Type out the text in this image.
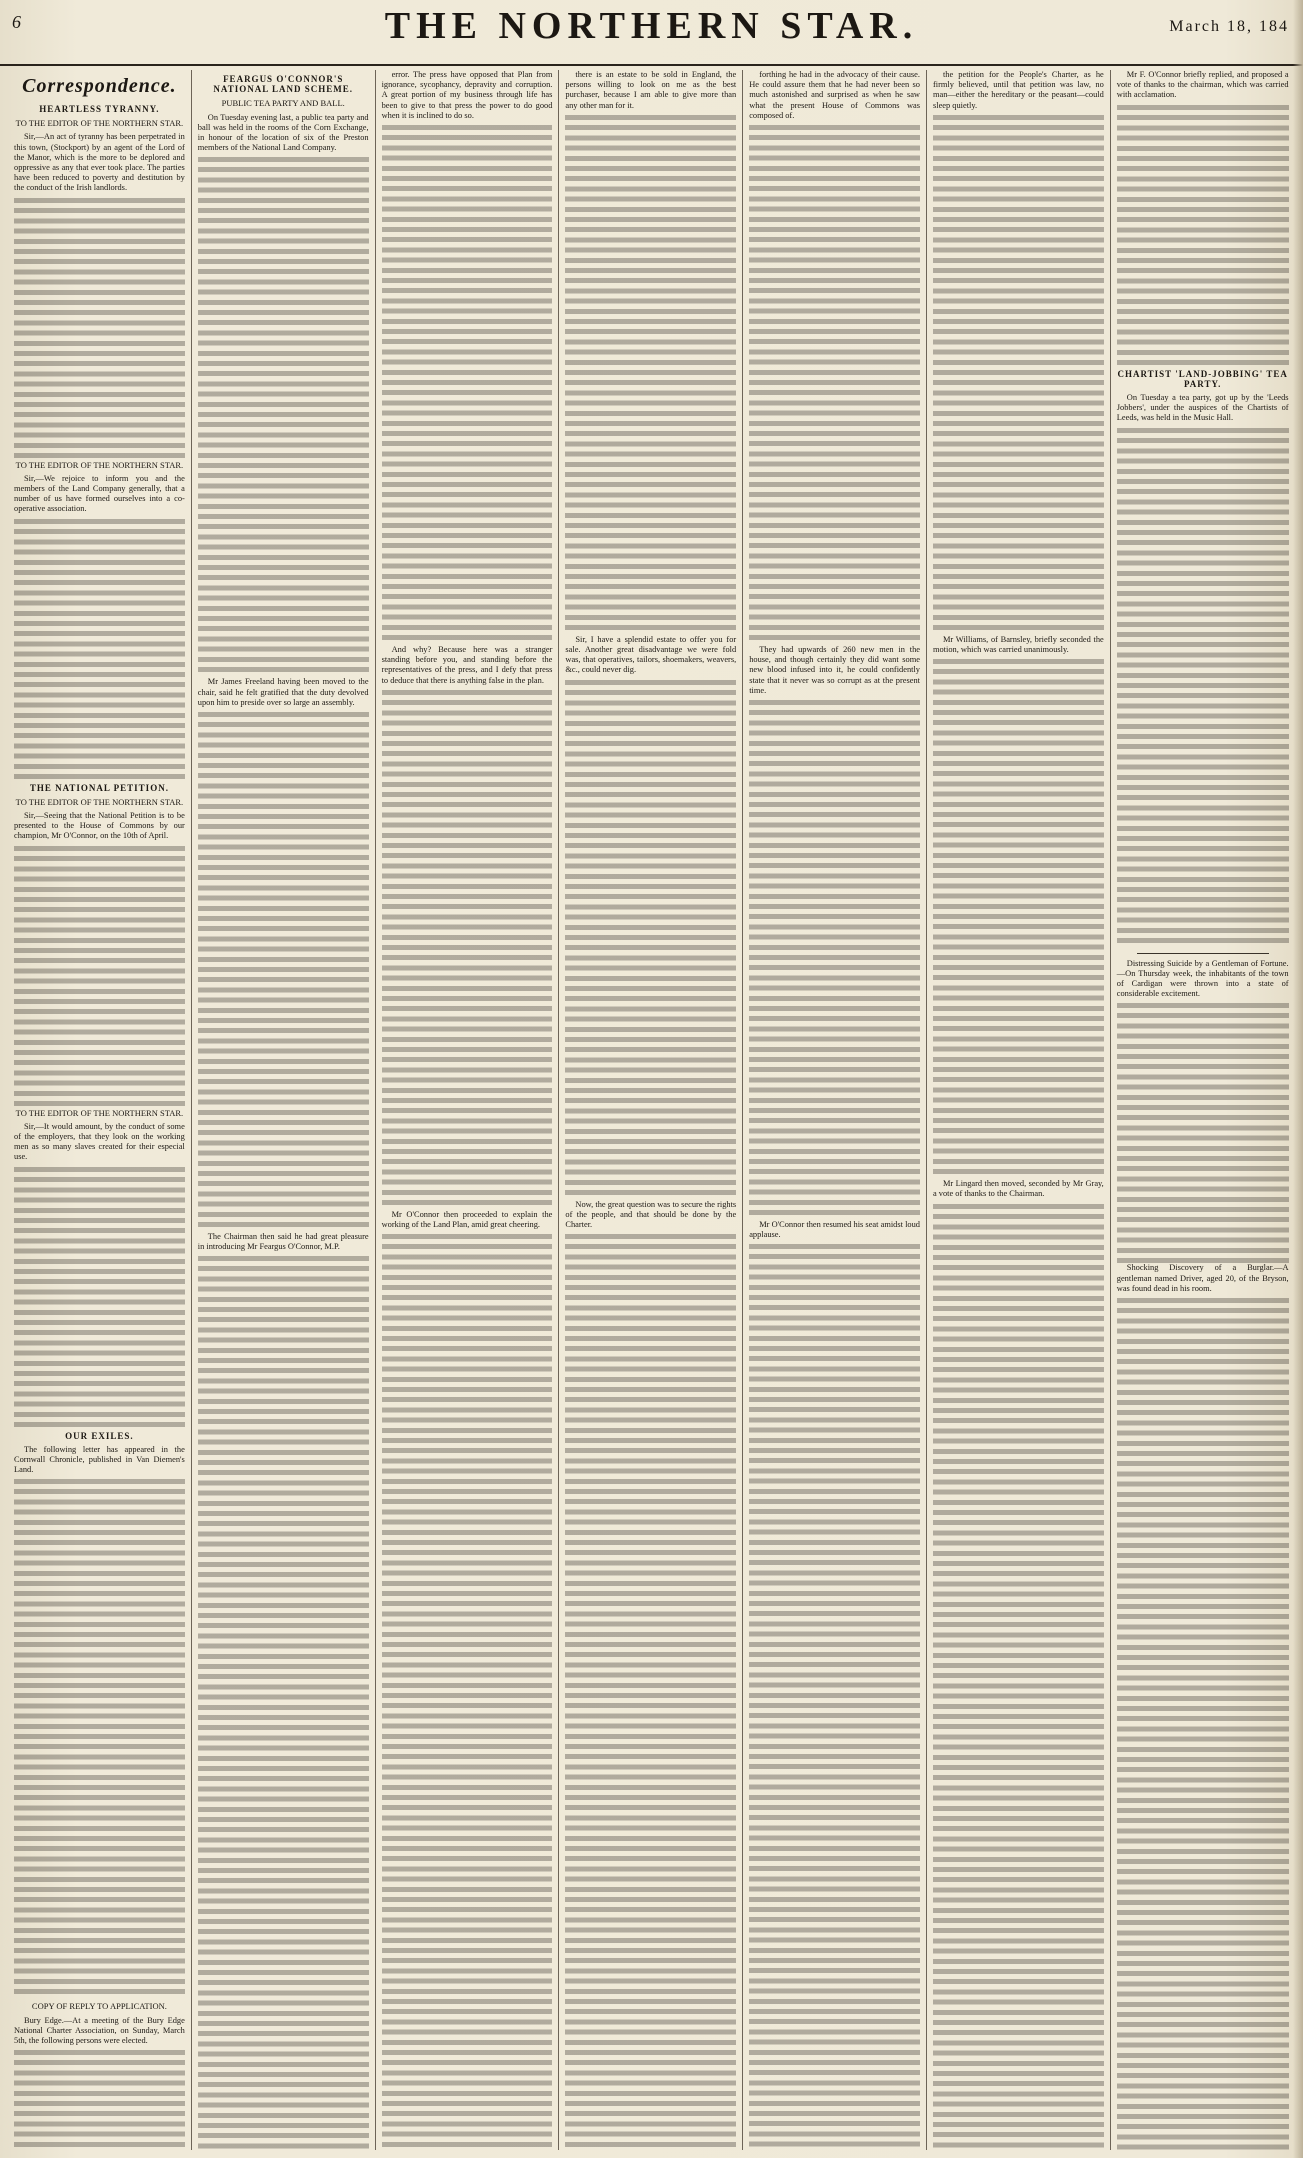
6	THE NORTHERN STAR.	March 18, 184
Correspondence.
HEARTLESS TYRANNY.
TO THE EDITOR OF THE NORTHERN STAR.

Sir,—An act of tyranny has been perpetrated in this town, (Stockport) by an agent of the Lord of the Manor, which is the more to be deplored and oppressive as any that ever took place. The parties have been reduced to poverty and destitution by the conduct of the Irish landlords.

TO THE EDITOR OF THE NORTHERN STAR.

Sir,—We rejoice to inform you and the members of the Land Company generally, that a number of us have formed ourselves into a co-operative association.

THE NATIONAL PETITION.
TO THE EDITOR OF THE NORTHERN STAR.

Sir,—Seeing that the National Petition is to be presented to the House of Commons by our champion, Mr O'Connor, on the 10th of April.

TO THE EDITOR OF THE NORTHERN STAR.

Sir,—It would amount, by the conduct of some of the employers, that they look on the working men as so many slaves created for their especial use.

OUR EXILES.

The following letter has appeared in the Cornwall Chronicle, published in Van Diemen's Land.

COPY OF REPLY TO APPLICATION.

Bury Edge.—At a meeting of the Bury Edge National Charter Association, on Sunday, March 5th, the following persons were elected.

FEARGUS O'CONNOR'S NATIONAL LAND SCHEME.
PUBLIC TEA PARTY AND BALL.

On Tuesday evening last, a public tea party and ball was held in the rooms of the Corn Exchange, in honour of the location of six of the Preston members of the National Land Company.

Mr James Freeland having been moved to the chair, said he felt gratified that the duty devolved upon him to preside over so large an assembly.

The Chairman then said he had great pleasure in introducing Mr Feargus O'Connor, M.P.

error. The press have opposed that Plan from ignorance, sycophancy, depravity and corruption. A great portion of my business through life has been to give to that press the power to do good when it is inclined to do so.

And why? Because here was a stranger standing before you, and standing before the representatives of the press, and I defy that press to deduce that there is anything false in the plan.

Mr O'Connor then proceeded to explain the working of the Land Plan, amid great cheering.

there is an estate to be sold in England, the persons willing to look on me as the best purchaser, because I am able to give more than any other man for it.

Sir, I have a splendid estate to offer you for sale. Another great disadvantage we were fold was, that operatives, tailors, shoemakers, weavers, &c., could never dig.

Now, the great question was to secure the rights of the people, and that should be done by the Charter.

forthing he had in the advocacy of their cause. He could assure them that he had never been so much astonished and surprised as when he saw what the present House of Commons was composed of.

They had upwards of 260 new men in the house, and though certainly they did want some new blood infused into it, he could confidently state that it never was so corrupt as at the present time.

Mr O'Connor then resumed his seat amidst loud applause.

the petition for the People's Charter, as he firmly believed, until that petition was law, no man—either the hereditary or the peasant—could sleep quietly.

Mr Williams, of Barnsley, briefly seconded the motion, which was carried unanimously.

Mr Lingard then moved, seconded by Mr Gray, a vote of thanks to the Chairman.

Mr F. O'Connor briefly replied, and proposed a vote of thanks to the chairman, which was carried with acclamation.

CHARTIST 'LAND-JOBBING' TEA PARTY.

On Tuesday a tea party, got up by the 'Leeds Jobbers', under the auspices of the Chartists of Leeds, was held in the Music Hall.

Distressing Suicide by a Gentleman of Fortune.—On Thursday week, the inhabitants of the town of Cardigan were thrown into a state of considerable excitement.

Shocking Discovery of a Burglar.—A gentleman named Driver, aged 20, of the Bryson, was found dead in his room.
